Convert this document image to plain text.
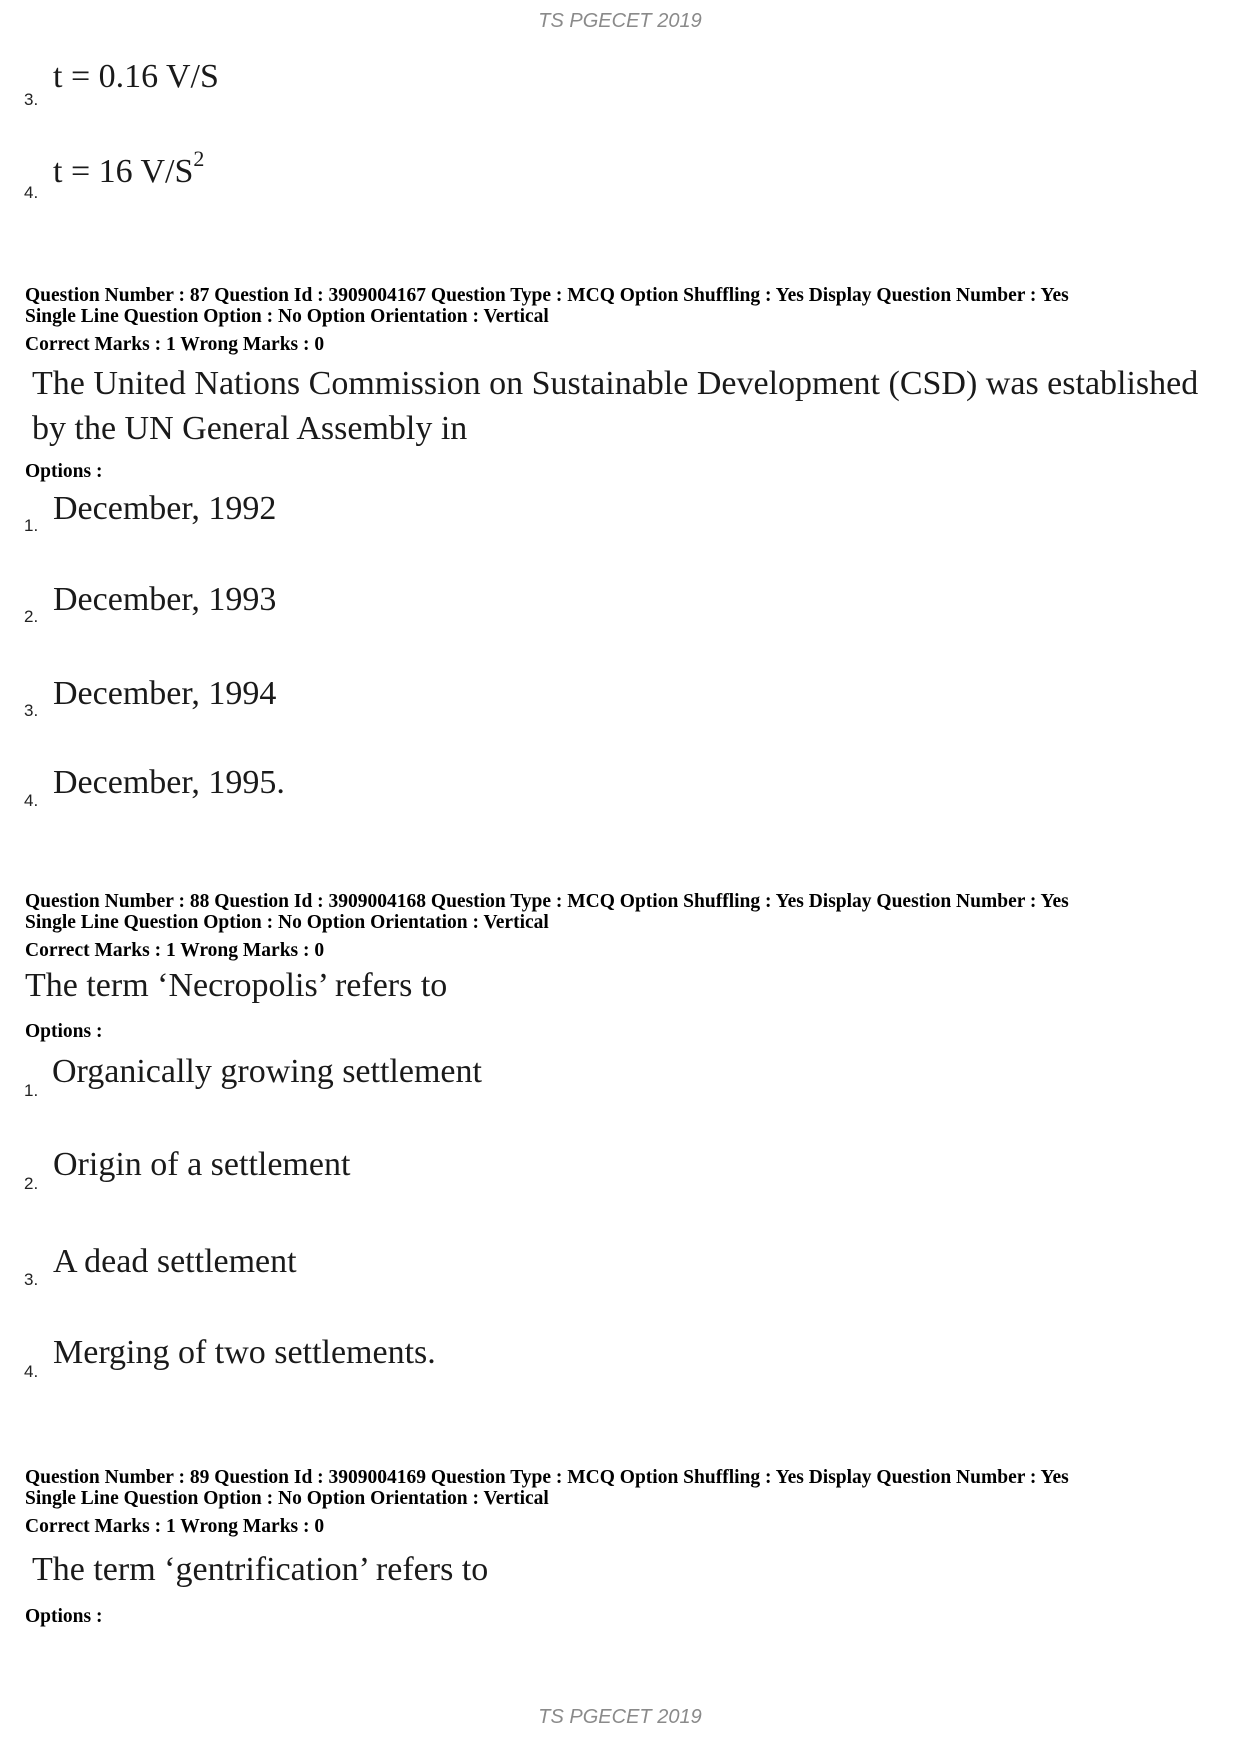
TS PGECET 2019
3.
t = 0.16 V/S
4.
t = 16 $V/S^2$
Question Number : 87 Question Id : 3909004167 Question Type : MCQ Option Shuffling : Yes Display Question Number : Yes
Single Line Question Option : No Option Orientation : Vertical
Correct Marks : 1 Wrong Marks : 0
The United Nations Commission on Sustainable Development (CSD) was established
by the UN General Assembly in
Options :
1. December, 1992
2. December, 1993
3. December, 1994
4. December, 1995.
Question Number : 88 Question Id : 3909004168 Question Type : MCQ Option Shuffling : Yes Display Question Number : Yes
Single Line Question Option : No Option Orientation : Vertical
Correct Marks : 1 Wrong Marks : 0
The term ‘Necropolis’ refers to
Options :
1.
Organically growing settlement
2.
Origin of a settlement
3. A dead settlement
4.
Merging of two settlements.
Question Number : 89 Question Id : 3909004169 Question Type : MCQ Option Shuffling : Yes Display Question Number : Yes
Single Line Question Option : No Option Orientation : Vertical
Correct Marks : 1 Wrong Marks : 0
The term ‘gentrification’ refers to
Options :
TS PGECET 2019
